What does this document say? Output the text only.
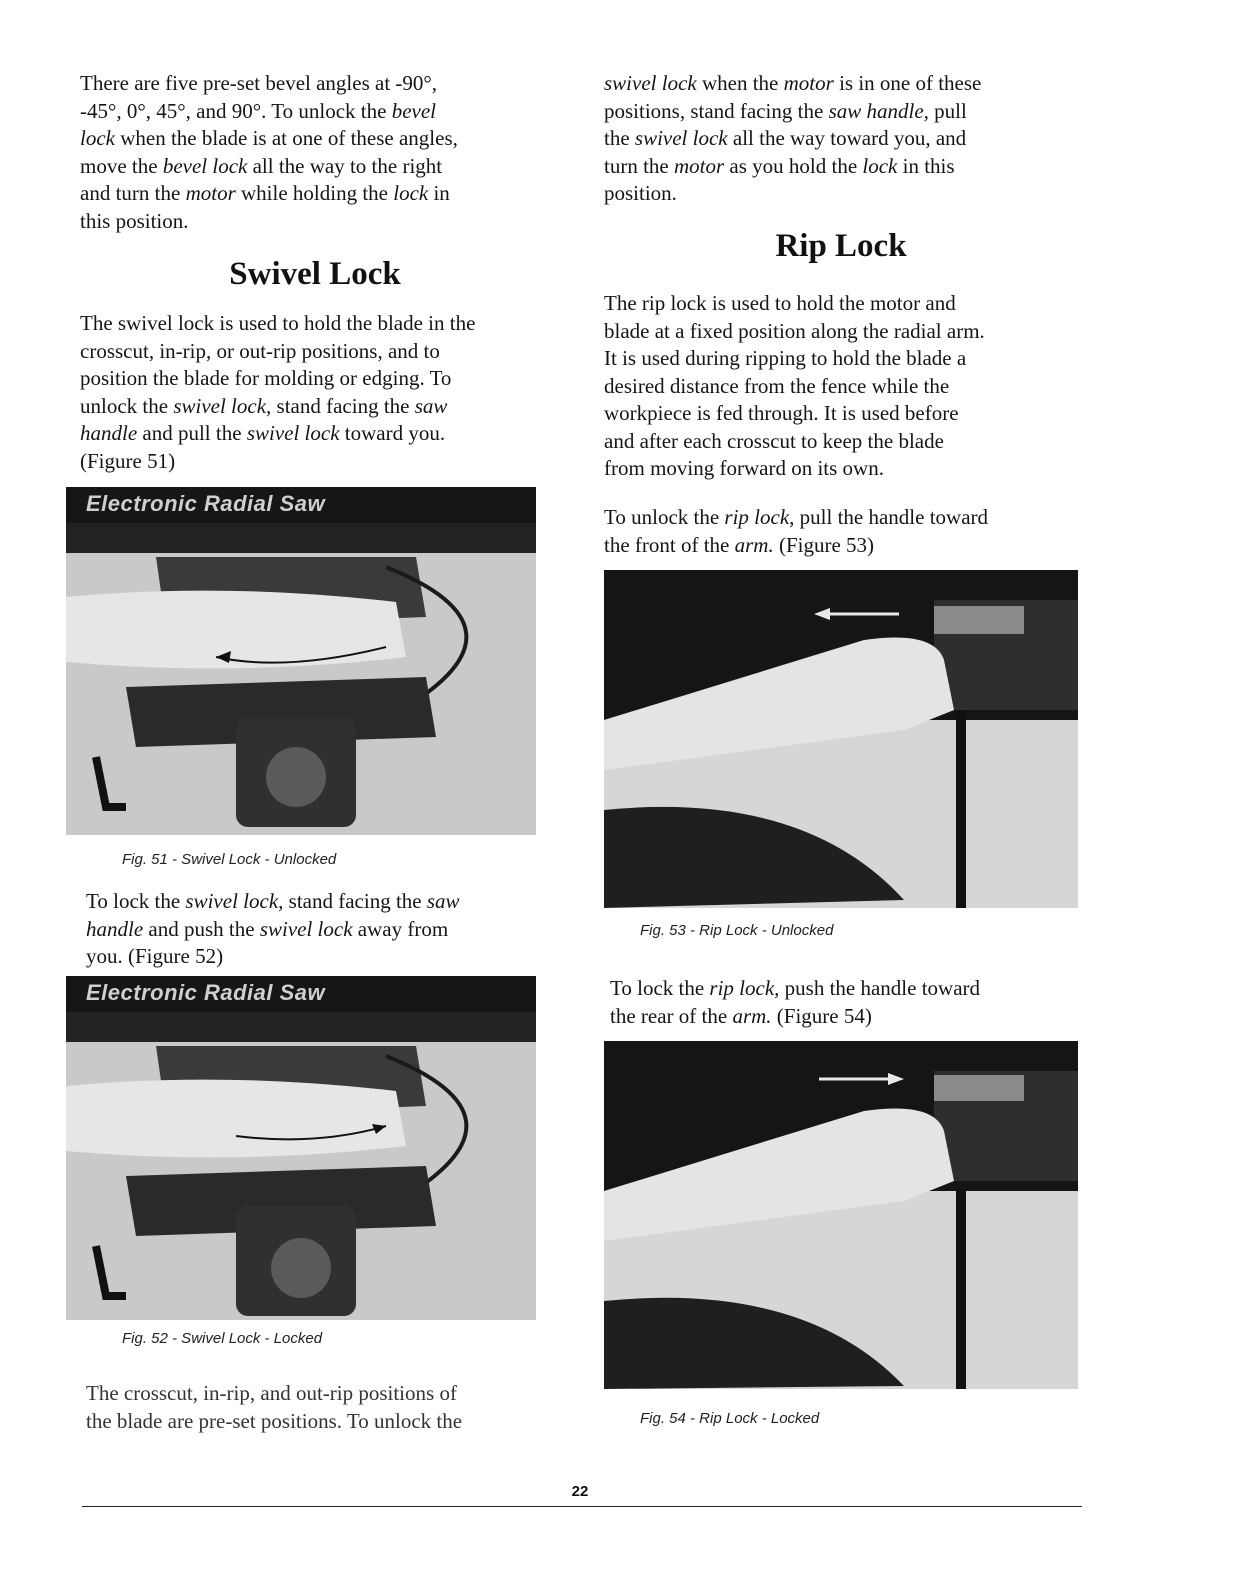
There are five pre-set bevel angles at -90°,
-45°, 0°, 45°, and 90°. To unlock the bevel
lock when the blade is at one of these angles,
move the bevel lock all the way to the right
and turn the motor while holding the lock in
this position.

Swivel Lock

The swivel lock is used to hold the blade in the
crosscut, in-rip, or out-rip positions, and to
position the blade for molding or edging. To
unlock the swivel lock, stand facing the saw
handle and pull the swivel lock toward you.
(Figure 51)

Electronic Radial Saw

Fig. 51 - Swivel Lock - Unlocked

To lock the swivel lock, stand facing the saw
handle and push the swivel lock away from
you. (Figure 52)

Electronic Radial Saw

Fig. 52 - Swivel Lock - Locked

The crosscut, in-rip, and out-rip positions of
the blade are pre-set positions. To unlock the

swivel lock when the motor is in one of these
positions, stand facing the saw handle, pull
the swivel lock all the way toward you, and
turn the motor as you hold the lock in this
position.

Rip Lock

The rip lock is used to hold the motor and
blade at a fixed position along the radial arm.
It is used during ripping to hold the blade a
desired distance from the fence while the
workpiece is fed through. It is used before
and after each crosscut to keep the blade
from moving forward on its own.

To unlock the rip lock, pull the handle toward
the front of the arm. (Figure 53)

Fig. 53 - Rip Lock - Unlocked

To lock the rip lock, push the handle toward
the rear of the arm. (Figure 54)

Fig. 54 - Rip Lock - Locked

22
